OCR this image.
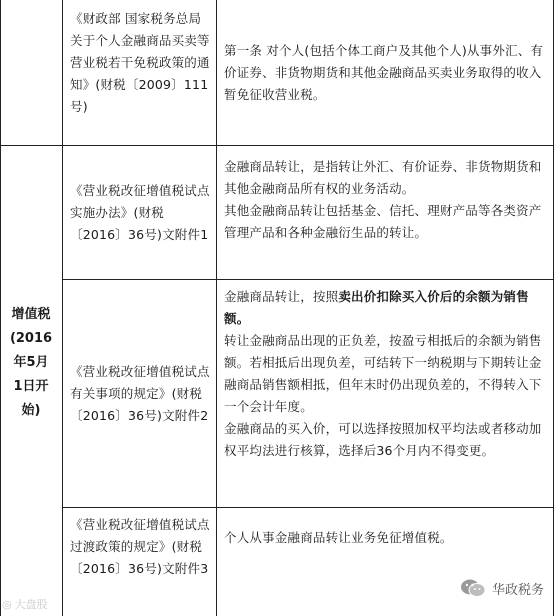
增值税
(2016
年5月
1日开
始)

《财政部 国家税务总局关于个人金融商品买卖等营业税若干免税政策的通知》(财税〔2009〕111号)

第一条 对个人(包括个体工商户及其他个人)从事外汇、有价证券、非货物期货和其他金融商品买卖业务取得的收入暂免征收营业税。

《营业税改征增值税试点实施办法》(财税〔2016〕36号)文附件1

金融商品转让，是指转让外汇、有价证券、非货物期货和其他金融商品所有权的业务活动。

其他金融商品转让包括基金、信托、理财产品等各类资产管理产品和各种金融衍生品的转让。

《营业税改征增值税试点有关事项的规定》(财税〔2016〕36号)文附件2

金融商品转让，按照卖出价扣除买入价后的余额为销售额。

转让金融商品出现的正负差，按盈亏相抵后的余额为销售额。若相抵后出现负差，可结转下一纳税期与下期转让金融商品销售额相抵，但年末时仍出现负差的，不得转入下一个会计年度。

金融商品的买入价，可以选择按照加权平均法或者移动加权平均法进行核算，选择后36个月内不得变更。

《营业税改征增值税试点过渡政策的规定》(财税〔2016〕36号)文附件3

个人从事金融商品转让业务免征增值税。

◎ 大盘股
华政税务
